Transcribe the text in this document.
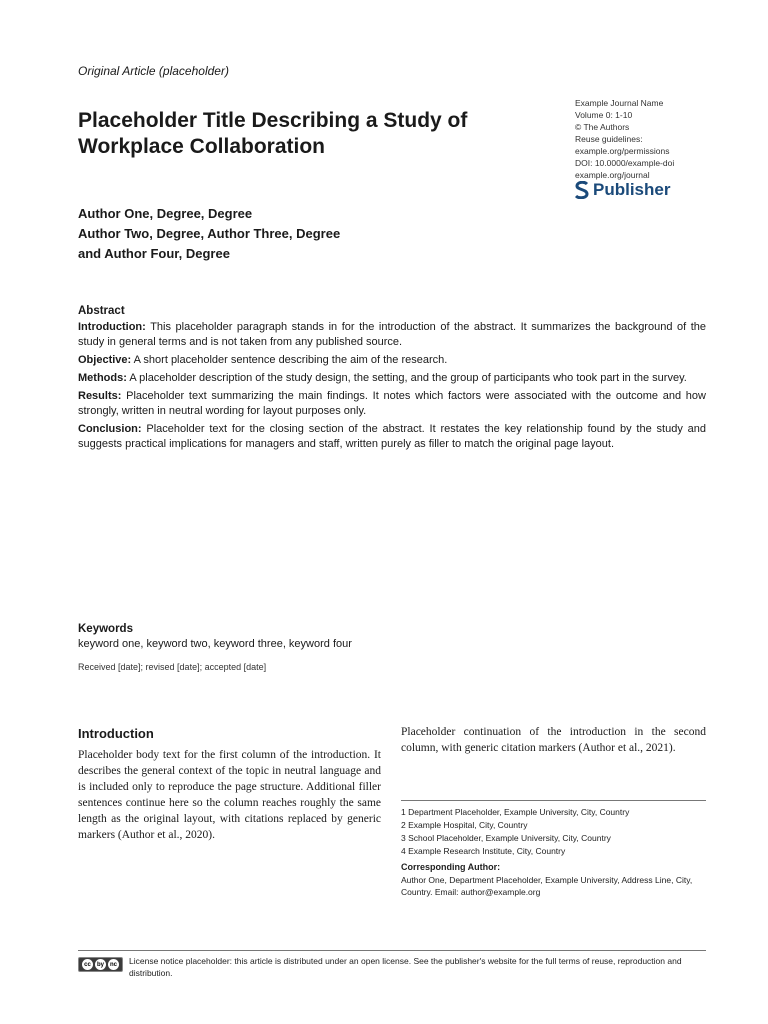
Original Article (placeholder)
Placeholder Title Describing a Study of Workplace Collaboration
Example Journal Name
Volume 0: 1-10
© The Authors
Reuse guidelines:
example.org/permissions
DOI: 10.0000/example-doi
example.org/journal
Publisher
Author One, Degree, Degree
Author Two, Degree, Author Three, Degree
and Author Four, Degree
Abstract

Introduction: This placeholder paragraph stands in for the introduction of the abstract. It summarizes the background of the study in general terms and is not taken from any published source.

Objective: A short placeholder sentence describing the aim of the research.

Methods: A placeholder description of the study design, the setting, and the group of participants who took part in the survey.

Results: Placeholder text summarizing the main findings. It notes which factors were associated with the outcome and how strongly, written in neutral wording for layout purposes only.

Conclusion: Placeholder text for the closing section of the abstract. It restates the key relationship found by the study and suggests practical implications for managers and staff, written purely as filler to match the original page layout.

Keywords
keyword one, keyword two, keyword three, keyword four
Received [date]; revised [date]; accepted [date]
Introduction

Placeholder body text for the first column of the introduction. It describes the general context of the topic in neutral language and is included only to reproduce the page structure. Additional filler sentences continue here so the column reaches roughly the same length as the original layout, with citations replaced by generic markers (Author et al., 2020).

Placeholder continuation of the introduction in the second column, with generic citation markers (Author et al., 2021).

1 Department Placeholder, Example University, City, Country
2 Example Hospital, City, Country
3 School Placeholder, Example University, City, Country
4 Example Research Institute, City, Country
Corresponding Author:
Author One, Department Placeholder, Example University, Address Line, City, Country. Email: author@example.org
cc	by nc License notice placeholder: this article is distributed under an open license. See the publisher's website for the full terms of reuse, reproduction and distribution.
